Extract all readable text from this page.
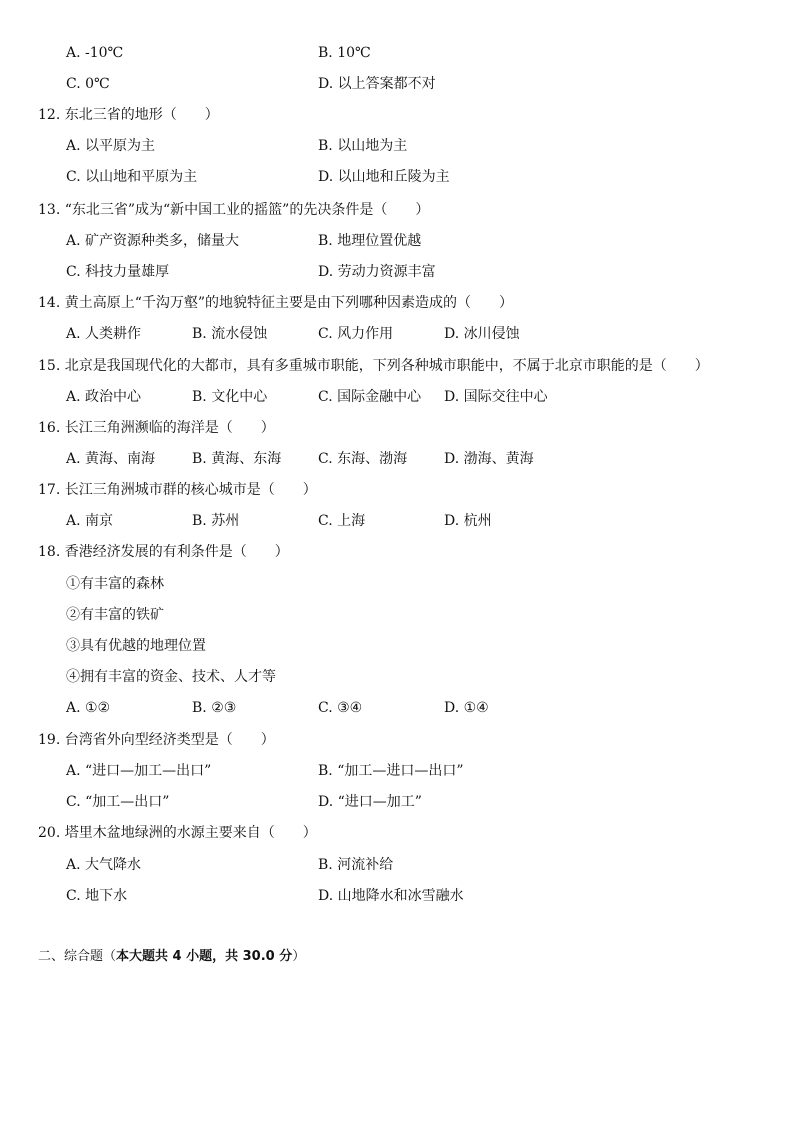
A. -10℃	B. 10℃
C. 0℃	D. 以上答案都不对
12. 东北三省的地形（　　）
A. 以平原为主	B. 以山地为主
C. 以山地和平原为主	D. 以山地和丘陵为主
13. “东北三省”成为“新中国工业的摇篮”的先决条件是（　　）
A. 矿产资源种类多，储量大	B. 地理位置优越
C. 科技力量雄厚	D. 劳动力资源丰富
14. 黄土高原上“千沟万壑”的地貌特征主要是由下列哪种因素造成的（　　）
A. 人类耕作	B. 流水侵蚀	C. 风力作用	D. 冰川侵蚀
15. 北京是我国现代化的大都市，具有多重城市职能，下列各种城市职能中，不属于北京市职能的是（　　）
A. 政治中心	B. 文化中心	C. 国际金融中心 D. 国际交往中心
16. 长江三角洲濒临的海洋是（　　）
A. 黄海、南海	B. 黄海、东海	C. 东海、渤海	D. 渤海、黄海
17. 长江三角洲城市群的核心城市是（　　）
A. 南京	B. 苏州	C. 上海	D. 杭州
18. 香港经济发展的有利条件是（　　）
①有丰富的森林
②有丰富的铁矿
③具有优越的地理位置
④拥有丰富的资金、技术、人才等
A. ①②	B. ②③	C. ③④	D. ①④
19. 台湾省外向型经济类型是（　　）
A. “进口—加工—出口”	B. “加工—进口—出口”
C. “加工—出口”	D. “进口—加工”
20. 塔里木盆地绿洲的水源主要来自（　　）
A. 大气降水	B. 河流补给
C. 地下水	D. 山地降水和冰雪融水
二、综合题（本大题共 4 小题，共 30.0 分）
